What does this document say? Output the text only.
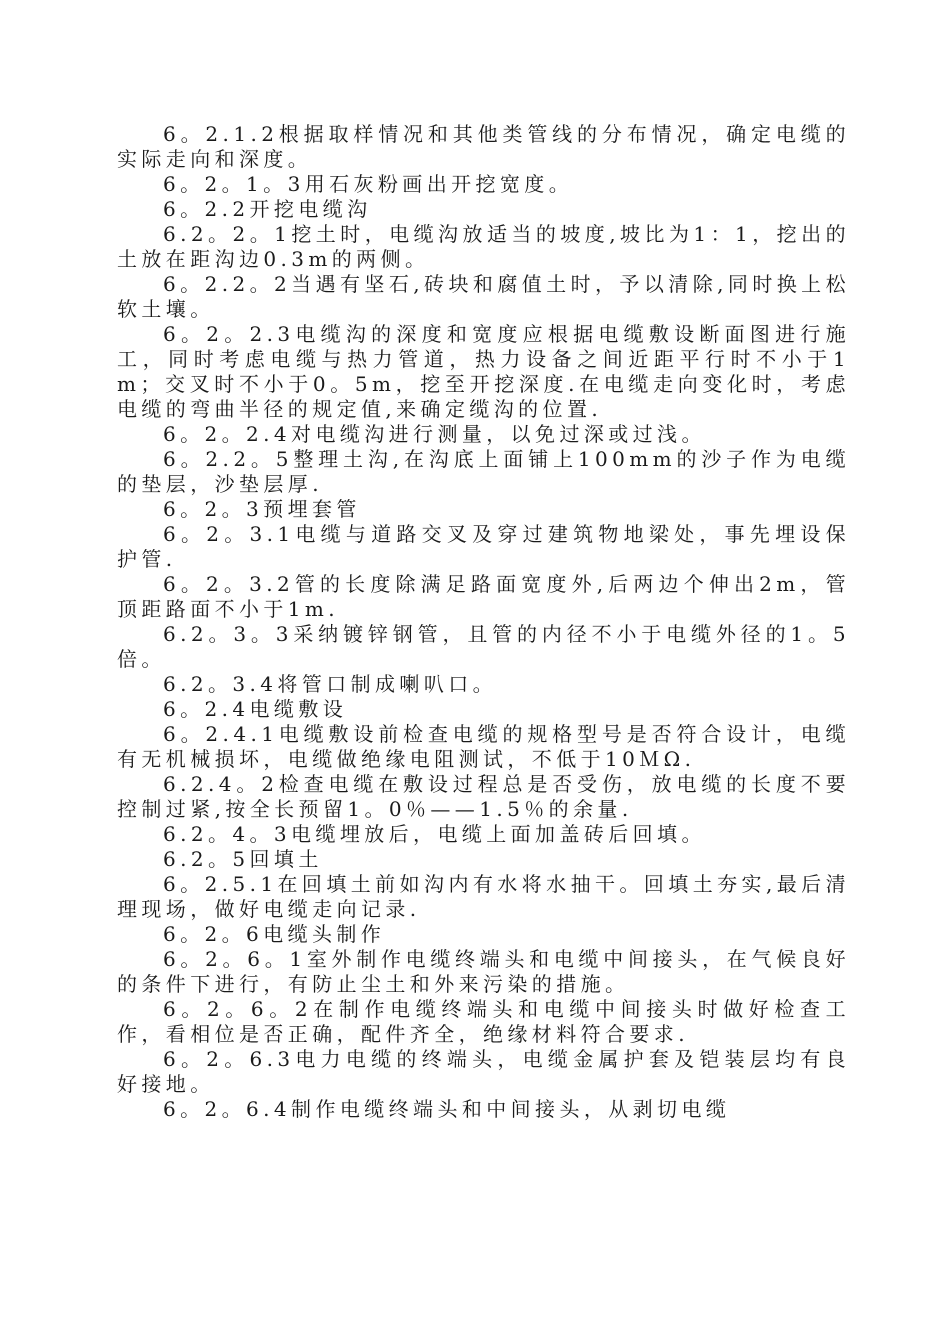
6。2.1.2根据取样情况和其他类管线的分布情况，确定电缆的实际走向和深度。

6。2。1。3用石灰粉画出开挖宽度。

6。2.2开挖电缆沟

6.2。2。1挖土时，电缆沟放适当的坡度,坡比为1：1，挖出的土放在距沟边0.3m的两侧。

6。2.2。2当遇有坚石,砖块和腐值土时，予以清除,同时换上松软土壤。

6。2。2.3电缆沟的深度和宽度应根据电缆敷设断面图进行施工，同时考虑电缆与热力管道，热力设备之间近距平行时不小于1m；交叉时不小于0。5m，挖至开挖深度.在电缆走向变化时，考虑电缆的弯曲半径的规定值,来确定缆沟的位置.

6。2。2.4对电缆沟进行测量，以免过深或过浅。

6。2.2。5整理土沟,在沟底上面铺上100mm的沙子作为电缆的垫层，沙垫层厚.

6。2。3预埋套管

6。2。3.1电缆与道路交叉及穿过建筑物地梁处，事先埋设保护管.

6。2。3.2管的长度除满足路面宽度外,后两边个伸出2m，管顶距路面不小于1m.

6.2。3。3采纳镀锌钢管，且管的内径不小于电缆外径的1。5倍。

6.2。3.4将管口制成喇叭口。

6。2.4电缆敷设

6。2.4.1电缆敷设前检查电缆的规格型号是否符合设计，电缆有无机械损坏，电缆做绝缘电阻测试，不低于10ＭΩ.

6.2.4。2检查电缆在敷设过程总是否受伤，放电缆的长度不要控制过紧,按全长预留1。0％——1.5％的余量.

6.2。4。3电缆埋放后，电缆上面加盖砖后回填。

6.2。5回填土

6。2.5.1在回填土前如沟内有水将水抽干。回填土夯实,最后清理现场，做好电缆走向记录.

6。2。6电缆头制作

6。2。6。1室外制作电缆终端头和电缆中间接头，在气候良好的条件下进行，有防止尘土和外来污染的措施。

6。2。6。2在制作电缆终端头和电缆中间接头时做好检查工作，看相位是否正确，配件齐全，绝缘材料符合要求.

6。2。6.3电力电缆的终端头，电缆金属护套及铠装层均有良好接地。

6。2。6.4制作电缆终端头和中间接头，从剥切电缆
